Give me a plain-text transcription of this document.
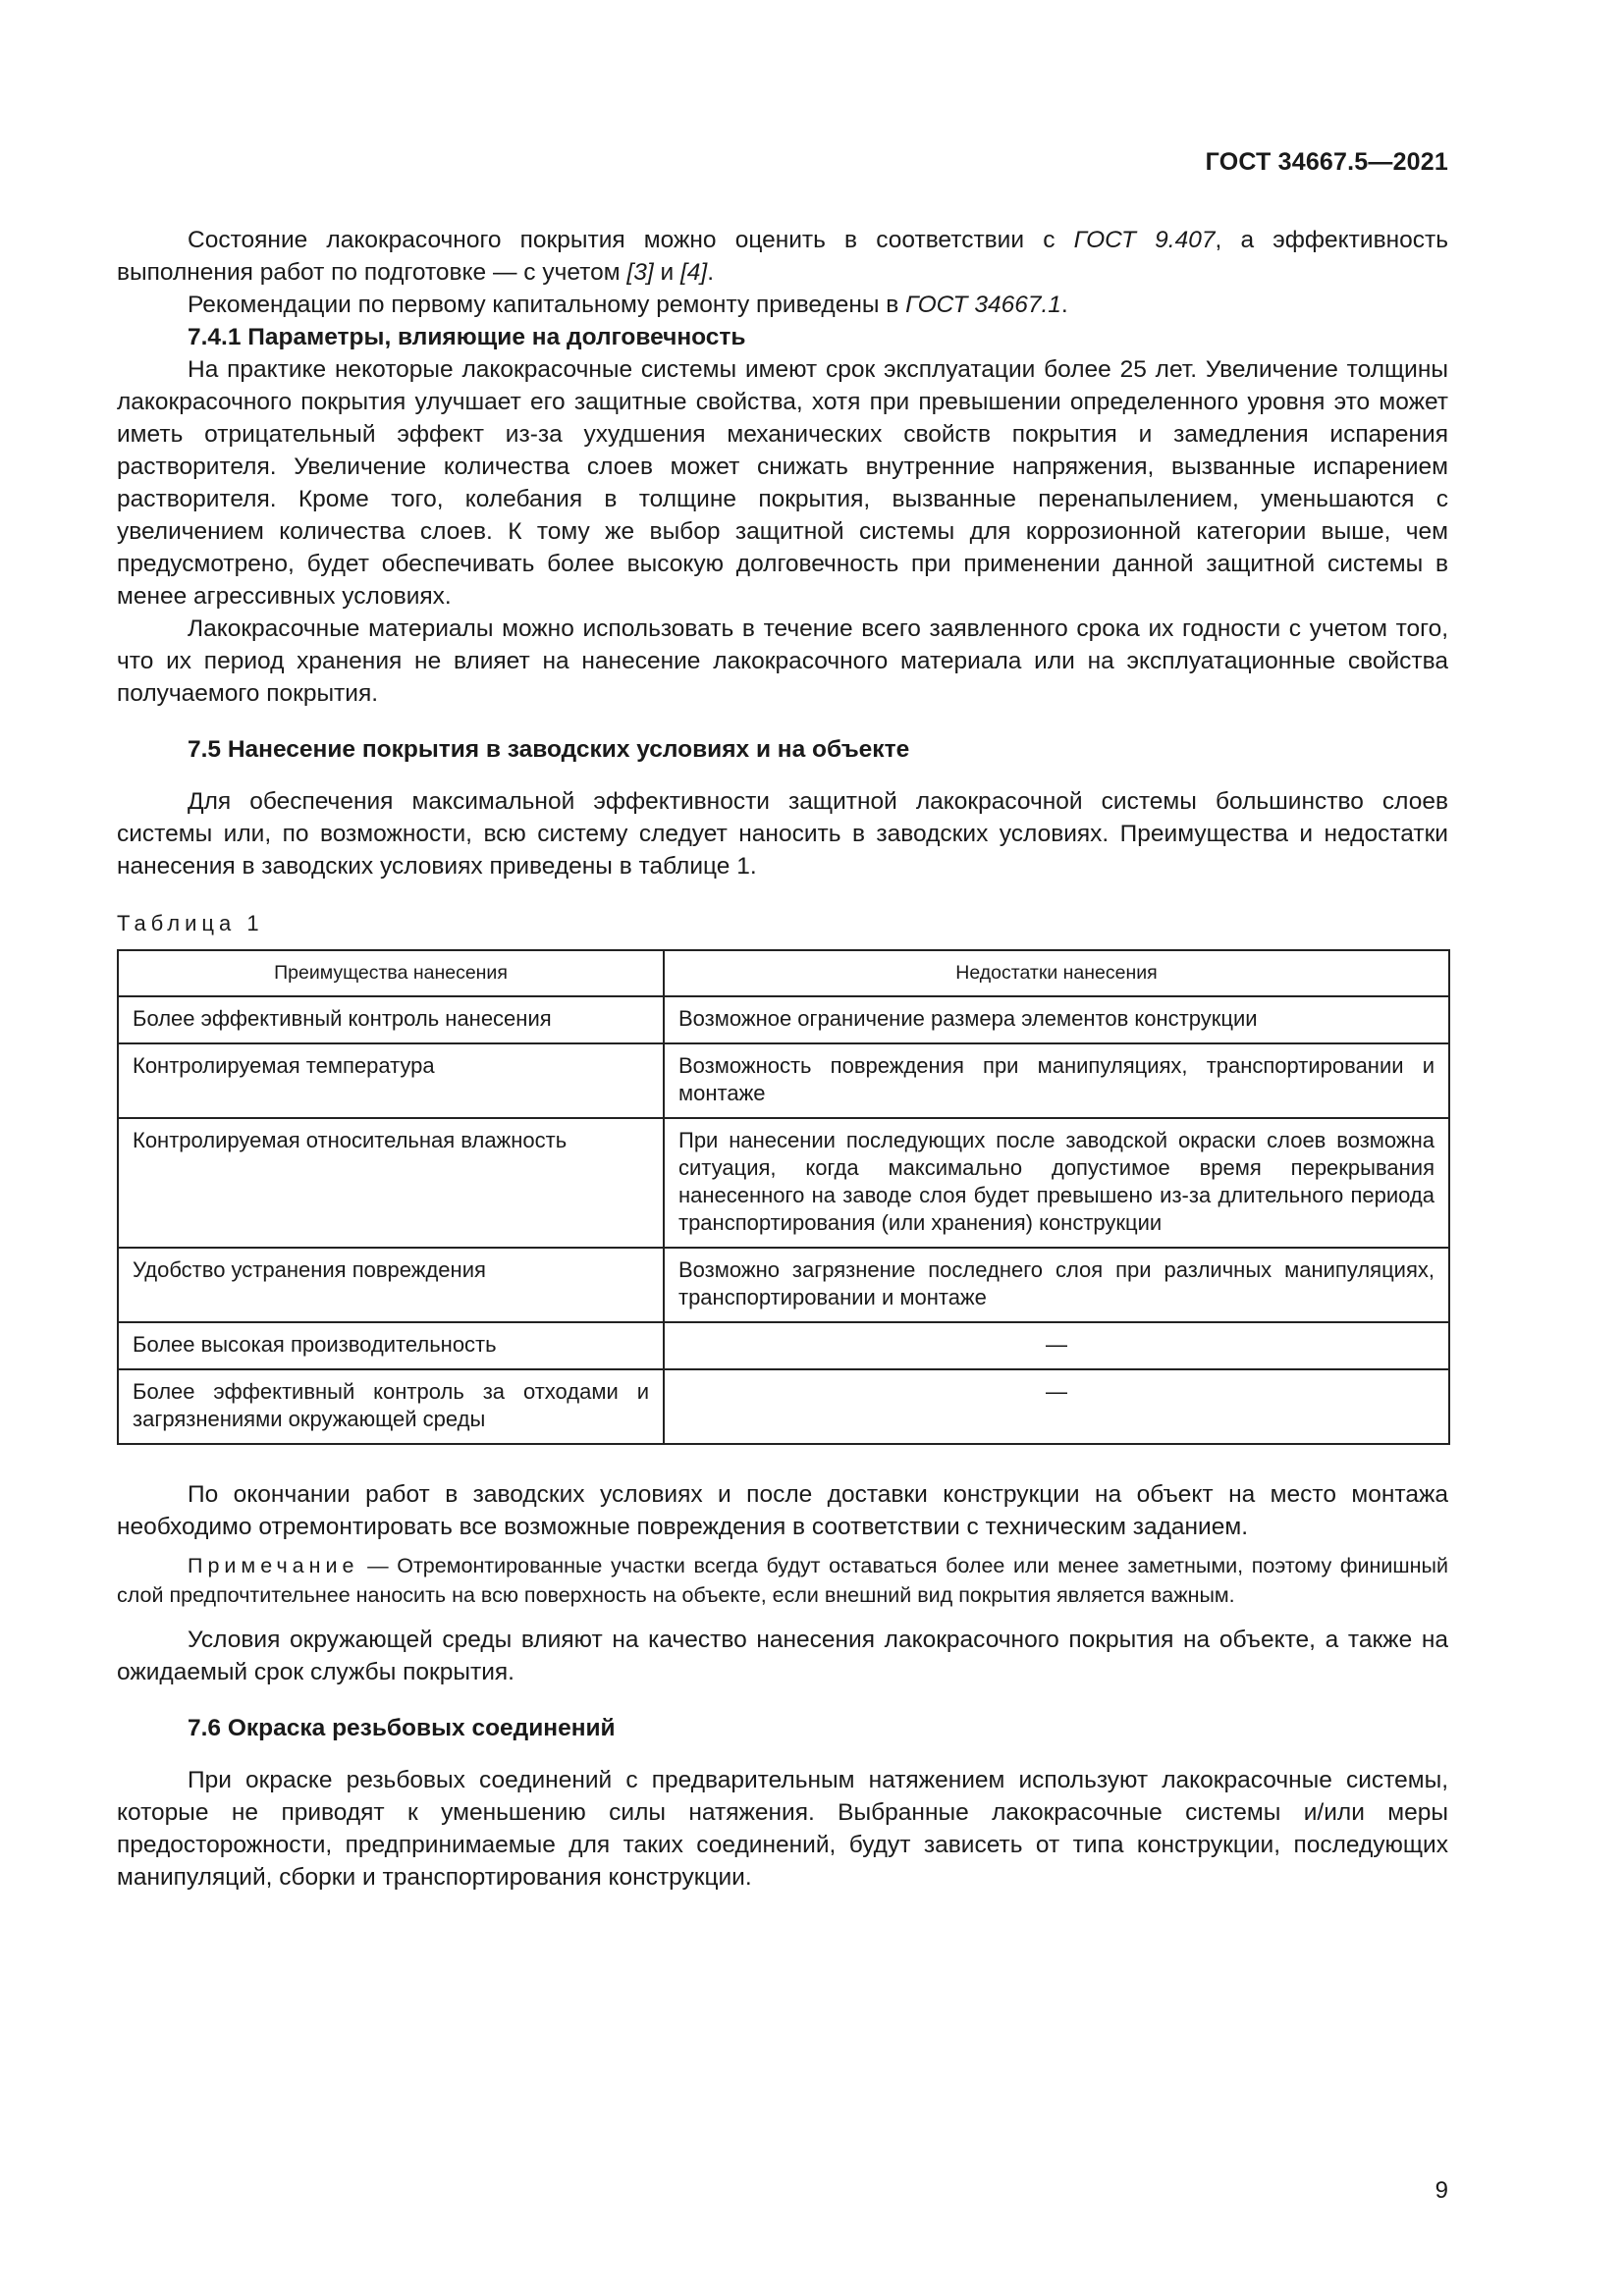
ГОСТ 34667.5—2021

Состояние лакокрасочного покрытия можно оценить в соответствии с ГОСТ 9.407, а эффективность выполнения работ по подготовке — с учетом [3] и [4].

Рекомендации по первому капитальному ремонту приведены в ГОСТ 34667.1.

7.4.1 Параметры, влияющие на долговечность

На практике некоторые лакокрасочные системы имеют срок эксплуатации более 25 лет. Увеличение толщины лакокрасочного покрытия улучшает его защитные свойства, хотя при превышении определенного уровня это может иметь отрицательный эффект из-за ухудшения механических свойств покрытия и замедления испарения растворителя. Увеличение количества слоев может снижать внутренние напряжения, вызванные испарением растворителя. Кроме того, колебания в толщине покрытия, вызванные перенапылением, уменьшаются с увеличением количества слоев. К тому же выбор защитной системы для коррозионной категории выше, чем предусмотрено, будет обеспечивать более высокую долговечность при применении данной защитной системы в менее агрессивных условиях.

Лакокрасочные материалы можно использовать в течение всего заявленного срока их годности с учетом того, что их период хранения не влияет на нанесение лакокрасочного материала или на эксплуатационные свойства получаемого покрытия.

7.5 Нанесение покрытия в заводских условиях и на объекте

Для обеспечения максимальной эффективности защитной лакокрасочной системы большинство слоев системы или, по возможности, всю систему следует наносить в заводских условиях. Преимущества и недостатки нанесения в заводских условиях приведены в таблице 1.

Таблица 1
Преимущества нанесения	Недостатки нанесения
Более эффективный контроль нанесения	Возможное ограничение размера элементов конструкции
Контролируемая температура	Возможность повреждения при манипуляциях, транспортировании и монтаже
Контролируемая относительная влажность	При нанесении последующих после заводской окраски слоев возможна ситуация, когда максимально допустимое время перекрывания нанесенного на заводе слоя будет превышено из-за длительного периода транспортирования (или хранения) конструкции
Удобство устранения повреждения	Возможно загрязнение последнего слоя при различных манипуляциях, транспортировании и монтаже
Более высокая производительность	—
Более эффективный контроль за отходами и загрязнениями окружающей среды	—

По окончании работ в заводских условиях и после доставки конструкции на объект на место монтажа необходимо отремонтировать все возможные повреждения в соответствии с техническим заданием.

Примечание — Отремонтированные участки всегда будут оставаться более или менее заметными, поэтому финишный слой предпочтительнее наносить на всю поверхность на объекте, если внешний вид покрытия является важным.

Условия окружающей среды влияют на качество нанесения лакокрасочного покрытия на объекте, а также на ожидаемый срок службы покрытия.

7.6 Окраска резьбовых соединений

При окраске резьбовых соединений с предварительным натяжением используют лакокрасочные системы, которые не приводят к уменьшению силы натяжения. Выбранные лакокрасочные системы и/или меры предосторожности, предпринимаемые для таких соединений, будут зависеть от типа конструкции, последующих манипуляций, сборки и транспортирования конструкции.

9
